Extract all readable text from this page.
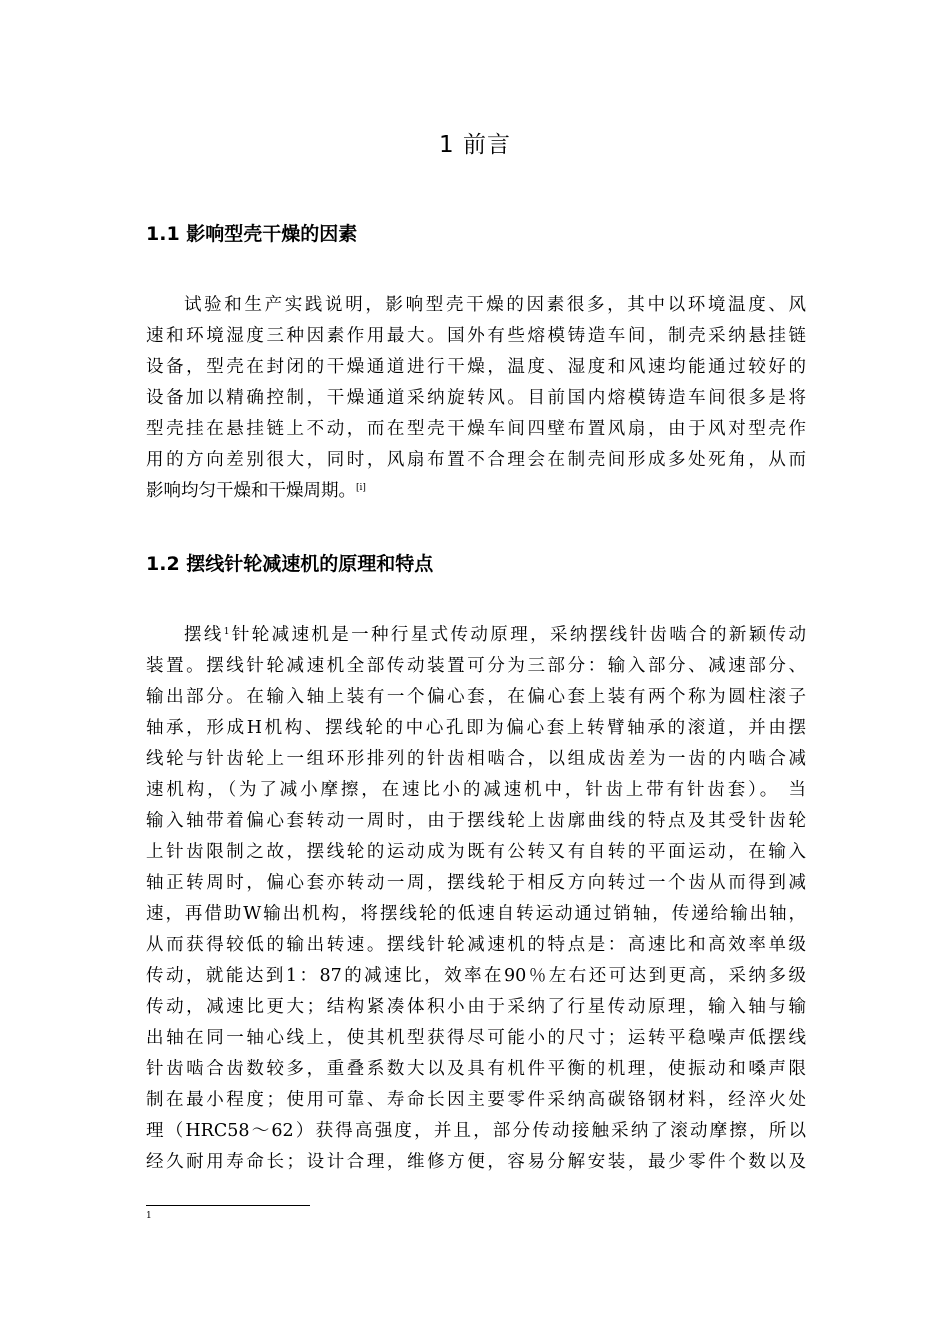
1 前言
1.1 影响型壳干燥的因素
试验和生产实践说明，影响型壳干燥的因素很多，其中以环境温度、风
速和环境湿度三种因素作用最大。国外有些熔模铸造车间，制壳采纳悬挂链
设备，型壳在封闭的干燥通道进行干燥，温度、湿度和风速均能通过较好的
设备加以精确控制，干燥通道采纳旋转风。目前国内熔模铸造车间很多是将
型壳挂在悬挂链上不动，而在型壳干燥车间四壁布置风扇，由于风对型壳作
用的方向差别很大，同时，风扇布置不合理会在制壳间形成多处死角，从而
影响均匀干燥和干燥周期。[i]
1.2 摆线针轮减速机的原理和特点
摆线$^1$针轮减速机是一种行星式传动原理，采纳摆线针齿啮合的新颖传动
装置。摆线针轮减速机全部传动装置可分为三部分：输入部分、减速部分、
输出部分。在输入轴上装有一个偏心套，在偏心套上装有两个称为圆柱滚子
轴承，形成H机构、摆线轮的中心孔即为偏心套上转臂轴承的滚道，并由摆
线轮与针齿轮上一组环形排列的针齿相啮合，以组成齿差为一齿的内啮合减
速机构，（为了减小摩擦，在速比小的减速机中，针齿上带有针齿套）。 当
输入轴带着偏心套转动一周时，由于摆线轮上齿廓曲线的特点及其受针齿轮
上针齿限制之故，摆线轮的运动成为既有公转又有自转的平面运动，在输入
轴正转周时，偏心套亦转动一周，摆线轮于相反方向转过一个齿从而得到减
速，再借助W输出机构，将摆线轮的低速自转运动通过销轴，传递给输出轴，
从而获得较低的输出转速。摆线针轮减速机的特点是：高速比和高效率单级
传动，就能达到1：87的减速比，效率在90％左右还可达到更高，采纳多级
传动，减速比更大；结构紧凑体积小由于采纳了行星传动原理，输入轴与输
出轴在同一轴心线上，使其机型获得尽可能小的尺寸；运转平稳噪声低摆线
针齿啮合齿数较多，重叠系数大以及具有机件平衡的机理，使振动和嗓声限
制在最小程度；使用可靠、寿命长因主要零件采纳高碳铬钢材料，经淬火处
理（HRC58～62）获得高强度，并且，部分传动接触采纳了滚动摩擦，所以
经久耐用寿命长；设计合理，维修方便，容易分解安装，最少零件个数以及
1
